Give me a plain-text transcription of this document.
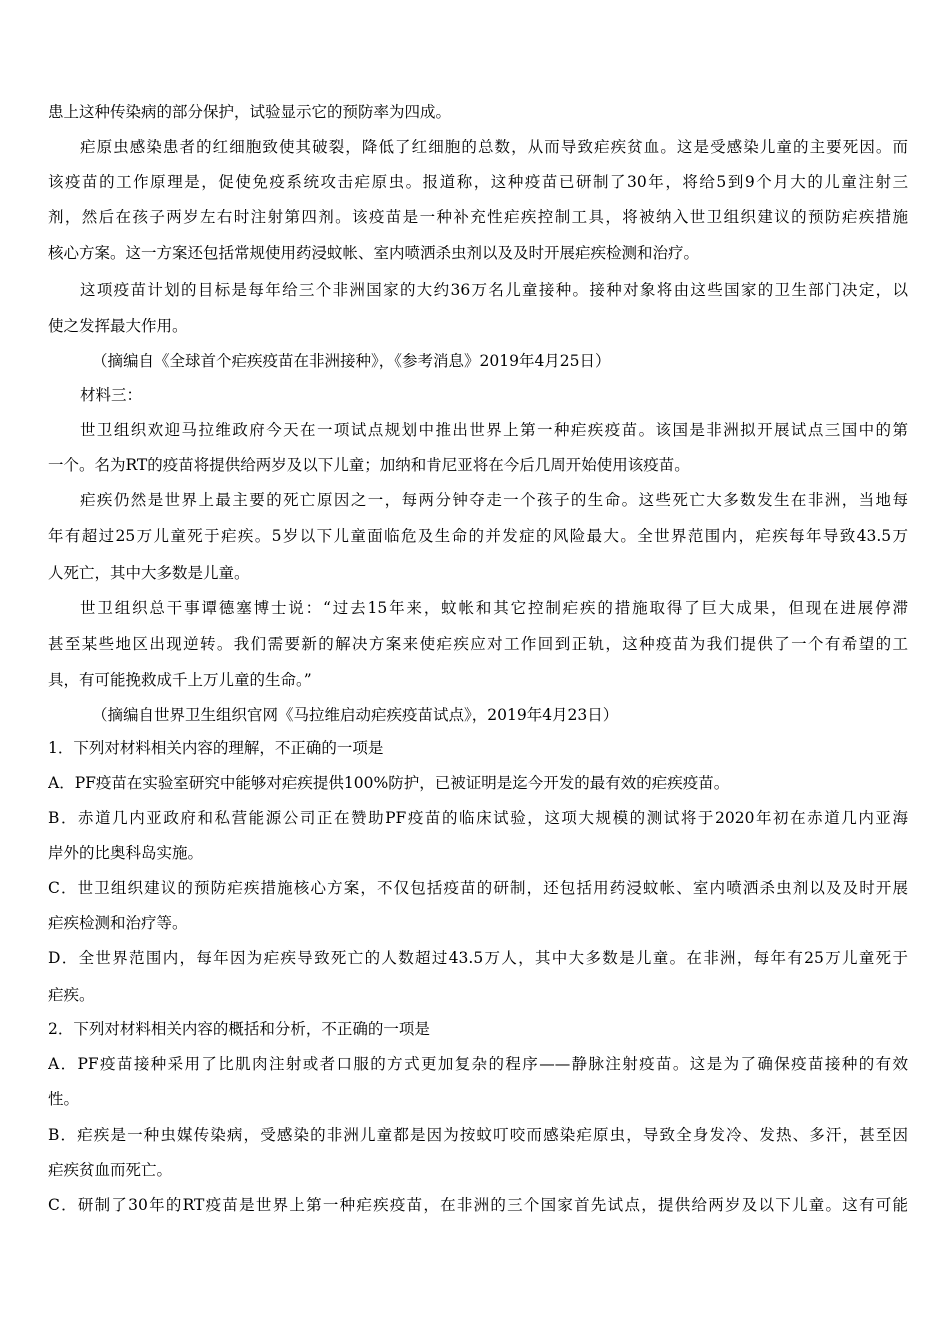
患上这种传染病的部分保护，试验显示它的预防率为四成。
疟原虫感染患者的红细胞致使其破裂，降低了红细胞的总数，从而导致疟疾贫血。这是受感染儿童的主要死因。而
该疫苗的工作原理是，促使免疫系统攻击疟原虫。报道称，这种疫苗已研制了30年，将给5到9个月大的儿童注射三
剂，然后在孩子两岁左右时注射第四剂。该疫苗是一种补充性疟疾控制工具，将被纳入世卫组织建议的预防疟疾措施
核心方案。这一方案还包括常规使用药浸蚊帐、室内喷洒杀虫剂以及及时开展疟疾检测和治疗。
这项疫苗计划的目标是每年给三个非洲国家的大约36万名儿童接种。接种对象将由这些国家的卫生部门决定，以
使之发挥最大作用。
（摘编自《全球首个疟疾疫苗在非洲接种》，《参考消息》2019年4月25日）
材料三：
世卫组织欢迎马拉维政府今天在一项试点规划中推出世界上第一种疟疾疫苗。该国是非洲拟开展试点三国中的第
一个。名为RT的疫苗将提供给两岁及以下儿童；加纳和肯尼亚将在今后几周开始使用该疫苗。
疟疾仍然是世界上最主要的死亡原因之一，每两分钟夺走一个孩子的生命。这些死亡大多数发生在非洲，当地每
年有超过25万儿童死于疟疾。5岁以下儿童面临危及生命的并发症的风险最大。全世界范围内，疟疾每年导致43.5万
人死亡，其中大多数是儿童。
世卫组织总干事谭德塞博士说：“过去15年来，蚊帐和其它控制疟疾的措施取得了巨大成果，但现在进展停滞
甚至某些地区出现逆转。我们需要新的解决方案来使疟疾应对工作回到正轨，这种疫苗为我们提供了一个有希望的工
具，有可能挽救成千上万儿童的生命。”
（摘编自世界卫生组织官网《马拉维启动疟疾疫苗试点》，2019年4月23日）
1．下列对材料相关内容的理解，不正确的一项是
A．PF疫苗在实验室研究中能够对疟疾提供100%防护，已被证明是迄今开发的最有效的疟疾疫苗。
B．赤道几内亚政府和私营能源公司正在赞助PF疫苗的临床试验，这项大规模的测试将于2020年初在赤道几内亚海
岸外的比奥科岛实施。
C．世卫组织建议的预防疟疾措施核心方案，不仅包括疫苗的研制，还包括用药浸蚊帐、室内喷洒杀虫剂以及及时开展
疟疾检测和治疗等。
D．全世界范围内，每年因为疟疾导致死亡的人数超过43.5万人，其中大多数是儿童。在非洲，每年有25万儿童死于
疟疾。
2．下列对材料相关内容的概括和分析，不正确的一项是
A．PF疫苗接种采用了比肌肉注射或者口服的方式更加复杂的程序——静脉注射疫苗。这是为了确保疫苗接种的有效
性。
B．疟疾是一种虫媒传染病，受感染的非洲儿童都是因为按蚊叮咬而感染疟原虫，导致全身发冷、发热、多汗，甚至因
疟疾贫血而死亡。
C．研制了30年的RT疫苗是世界上第一种疟疾疫苗，在非洲的三个国家首先试点，提供给两岁及以下儿童。这有可能
